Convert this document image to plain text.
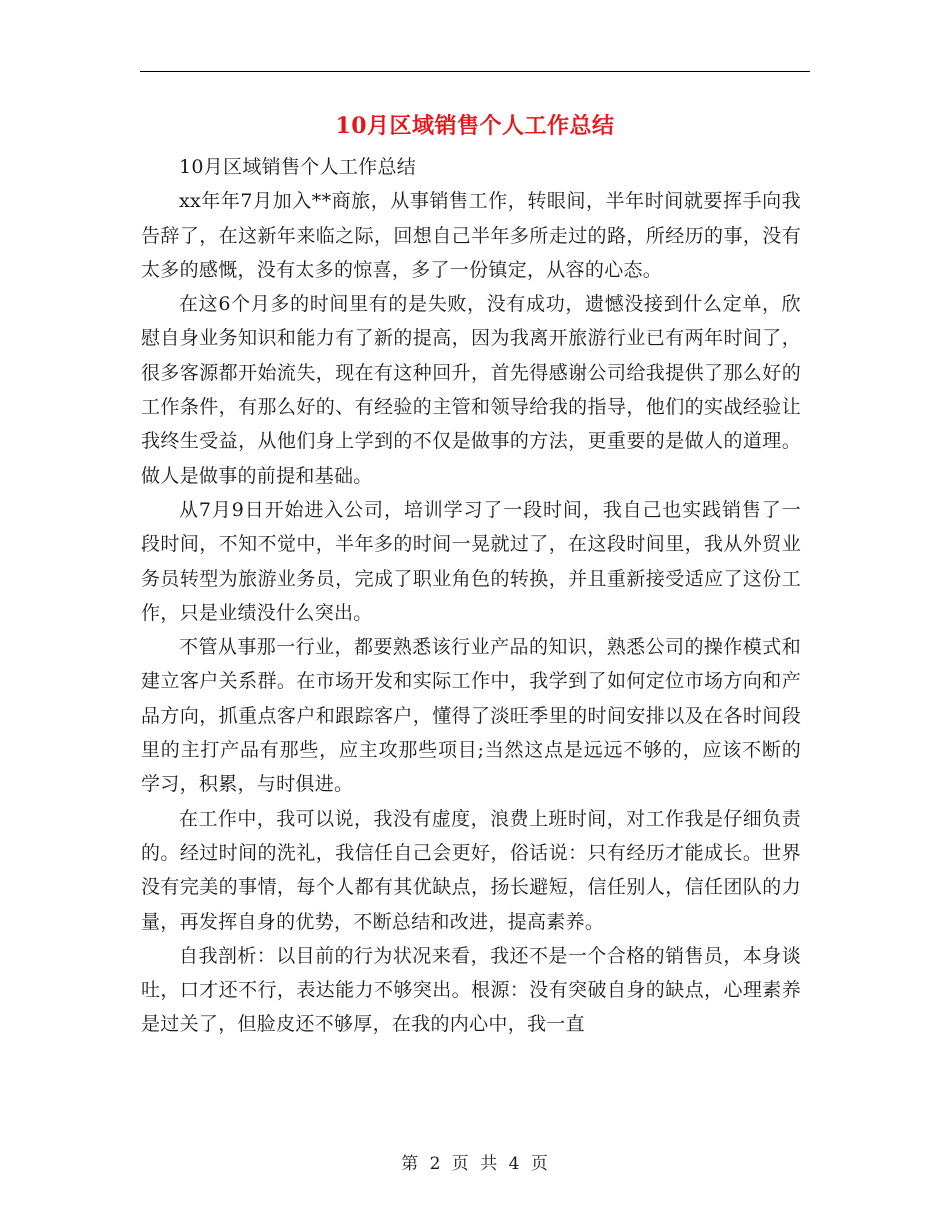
10月区域销售个人工作总结

10月区域销售个人工作总结

xx年年7月加入**商旅，从事销售工作，转眼间，半年时间就要挥手向我告辞了，在这新年来临之际，回想自己半年多所走过的路，所经历的事，没有太多的感慨，没有太多的惊喜，多了一份镇定，从容的心态。

在这6个月多的时间里有的是失败，没有成功，遗憾没接到什么定单，欣慰自身业务知识和能力有了新的提高，因为我离开旅游行业已有两年时间了，很多客源都开始流失，现在有这种回升，首先得感谢公司给我提供了那么好的工作条件，有那么好的、有经验的主管和领导给我的指导，他们的实战经验让我终生受益，从他们身上学到的不仅是做事的方法，更重要的是做人的道理。做人是做事的前提和基础。

从7月9日开始进入公司，培训学习了一段时间，我自己也实践销售了一段时间，不知不觉中，半年多的时间一晃就过了，在这段时间里，我从外贸业务员转型为旅游业务员，完成了职业角色的转换，并且重新接受适应了这份工作，只是业绩没什么突出。

不管从事那一行业，都要熟悉该行业产品的知识，熟悉公司的操作模式和建立客户关系群。在市场开发和实际工作中，我学到了如何定位市场方向和产品方向，抓重点客户和跟踪客户，懂得了淡旺季里的时间安排以及在各时间段里的主打产品有那些，应主攻那些项目;当然这点是远远不够的，应该不断的学习，积累，与时俱进。

在工作中，我可以说，我没有虚度，浪费上班时间，对工作我是仔细负责的。经过时间的洗礼，我信任自己会更好，俗话说：只有经历才能成长。世界没有完美的事情，每个人都有其优缺点，扬长避短，信任别人，信任团队的力量，再发挥自身的优势，不断总结和改进，提高素养。

自我剖析：以目前的行为状况来看，我还不是一个合格的销售员，本身谈吐，口才还不行，表达能力不够突出。根源：没有突破自身的缺点，心理素养是过关了，但脸皮还不够厚，在我的内心中，我一直

第 2 页 共 4 页
